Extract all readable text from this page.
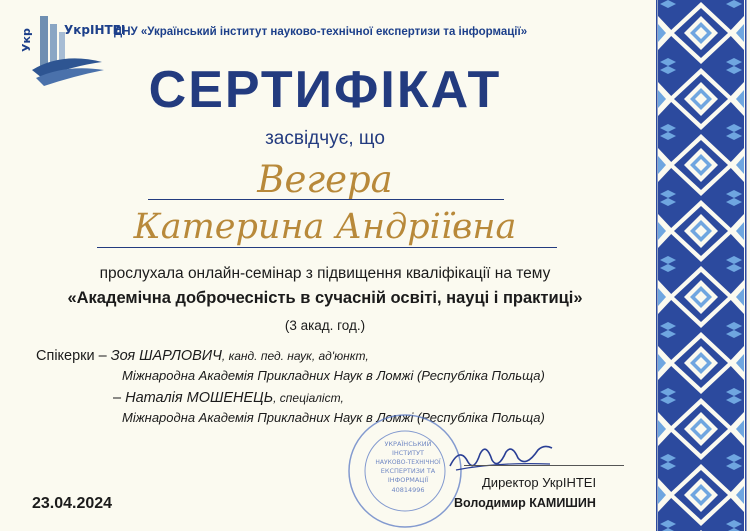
Укр	УкрІНТЕІ
ДНУ «Український інститут науково-технічної експертизи та інформації»
СЕРТИФІКАТ
засвідчує, що
Вегера
Катерина Андріївна
прослухала онлайн-семінар з підвищення кваліфікації на тему
«Академічна доброчесність в сучасній освіті, науці і практиці»
(3 акад. год.)
Спікерки – Зоя ШАРЛОВИЧ, канд. пед. наук, ад'юнкт,
Міжнародна Академія Прикладних Наук в Ломжі (Республіка Польща)
– Наталія МОШЕНЕЦЬ, спеціаліст,
Міжнародна Академія Прикладних Наук в Ломжі (Республіка Польща)
УКРАЇНСЬКИЙ
ІНСТИТУТ
НАУКОВО-ТЕХНІЧНОЇ
ЕКСПЕРТИЗИ ТА
ІНФОРМАЦІЇ
40814996	Директор УкрІНТЕІ
Володимир КАМИШИН
23.04.2024
